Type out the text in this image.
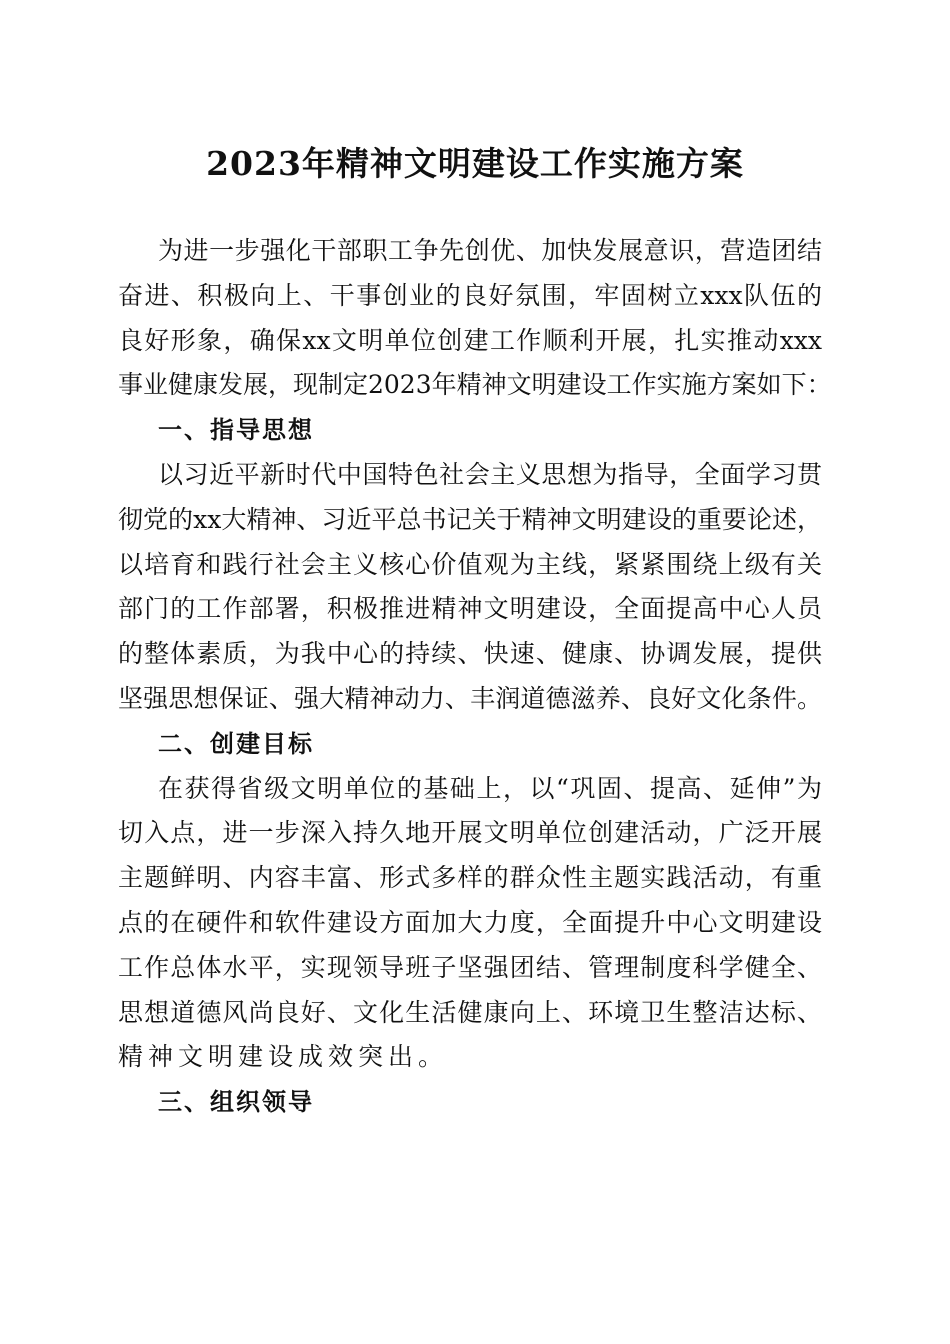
2023年精神文明建设工作实施方案
为进一步强化干部职工争先创优、加快发展意识，营造团结
奋进、积极向上、干事创业的良好氛围，牢固树立xxx队伍的
良好形象，确保xx文明单位创建工作顺利开展，扎实推动xxx
事业健康发展，现制定2023年精神文明建设工作实施方案如下：
一、指导思想
以习近平新时代中国特色社会主义思想为指导，全面学习贯
彻党的xx大精神、习近平总书记关于精神文明建设的重要论述，
以培育和践行社会主义核心价值观为主线，紧紧围绕上级有关
部门的工作部署，积极推进精神文明建设，全面提高中心人员
的整体素质，为我中心的持续、快速、健康、协调发展，提供
坚强思想保证、强大精神动力、丰润道德滋养、良好文化条件。
二、创建目标
在获得省级文明单位的基础上，以“巩固、提高、延伸”为
切入点，进一步深入持久地开展文明单位创建活动，广泛开展
主题鲜明、内容丰富、形式多样的群众性主题实践活动，有重
点的在硬件和软件建设方面加大力度，全面提升中心文明建设
工作总体水平，实现领导班子坚强团结、管理制度科学健全、
思想道德风尚良好、文化生活健康向上、环境卫生整洁达标、
精神文明建设成效突出。
三、组织领导
